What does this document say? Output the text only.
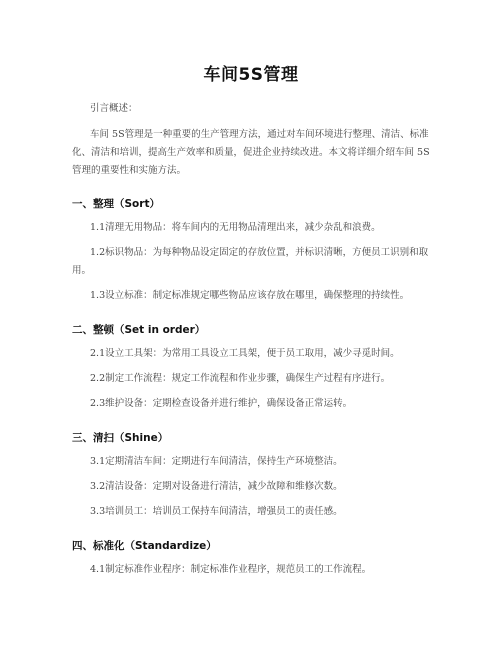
车间5S管理
引言概述：
车间 5S管理是一种重要的生产管理方法，通过对车间环境进行整理、清洁、标准化、清洁和培训，提高生产效率和质量，促进企业持续改进。本文将详细介绍车间 5S管理的重要性和实施方法。
一、整理（Sort）
1.1清理无用物品：将车间内的无用物品清理出来，减少杂乱和浪费。
1.2标识物品：为每种物品设定固定的存放位置，并标识清晰，方便员工识别和取用。
1.3设立标准：制定标准规定哪些物品应该存放在哪里，确保整理的持续性。
二、整顿（Set in order）
2.1设立工具架：为常用工具设立工具架，便于员工取用，减少寻觅时间。
2.2制定工作流程：规定工作流程和作业步骤，确保生产过程有序进行。
2.3维护设备：定期检查设备并进行维护，确保设备正常运转。
三、清扫（Shine）
3.1定期清洁车间：定期进行车间清洁，保持生产环境整洁。
3.2清洁设备：定期对设备进行清洁，减少故障和维修次数。
3.3培训员工：培训员工保持车间清洁，增强员工的责任感。
四、标准化（Standardize）
4.1制定标准作业程序：制定标准作业程序，规范员工的工作流程。
